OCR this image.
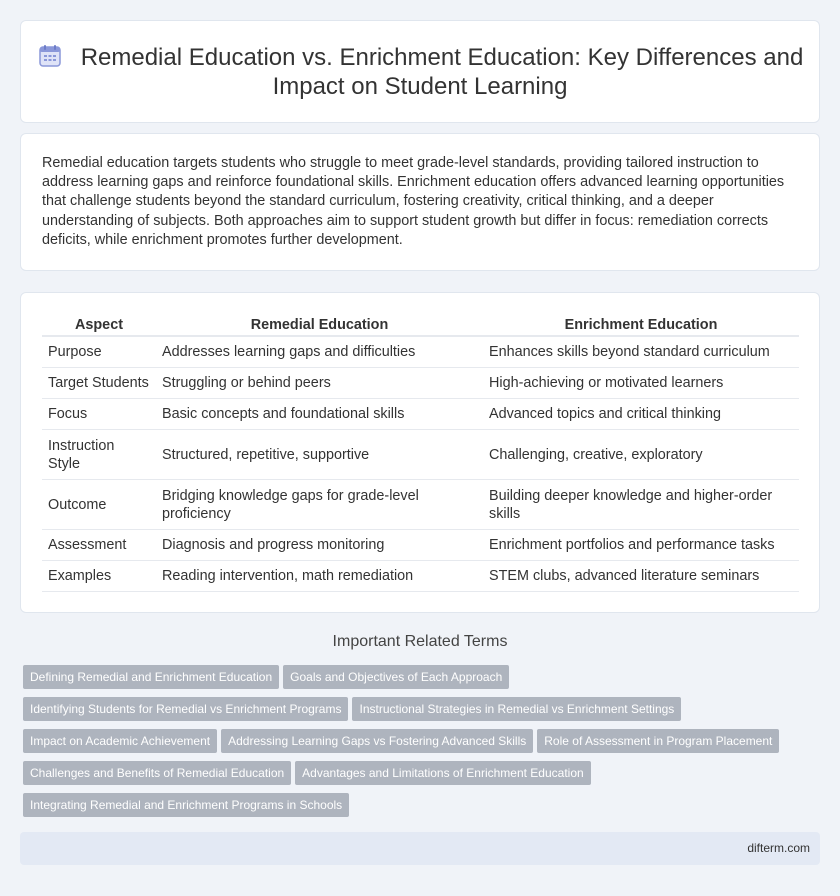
Remedial Education vs. Enrichment Education: Key Differences and Impact on Student Learning

Remedial education targets students who struggle to meet grade-level standards, providing tailored instruction to address learning gaps and reinforce foundational skills. Enrichment education offers advanced learning opportunities that challenge students beyond the standard curriculum, fostering creativity, critical thinking, and a deeper understanding of subjects. Both approaches aim to support student growth but differ in focus: remediation corrects deficits, while enrichment promotes further development.

Aspect	Remedial Education	Enrichment Education
Purpose	Addresses learning gaps and difficulties	Enhances skills beyond standard curriculum
Target Students	Struggling or behind peers	High-achieving or motivated learners
Focus	Basic concepts and foundational skills	Advanced topics and critical thinking
Instruction Style	Structured, repetitive, supportive	Challenging, creative, exploratory
Outcome	Bridging knowledge gaps for grade-level proficiency	Building deeper knowledge and higher-order skills
Assessment	Diagnosis and progress monitoring	Enrichment portfolios and performance tasks
Examples	Reading intervention, math remediation	STEM clubs, advanced literature seminars
Important Related Terms
Defining Remedial and Enrichment Education Goals and Objectives of Each Approach
Identifying Students for Remedial vs Enrichment Programs Instructional Strategies in Remedial vs Enrichment Settings
Impact on Academic Achievement Addressing Learning Gaps vs Fostering Advanced Skills Role of Assessment in Program Placement
Challenges and Benefits of Remedial Education Advantages and Limitations of Enrichment Education
Integrating Remedial and Enrichment Programs in Schools
difterm.com
